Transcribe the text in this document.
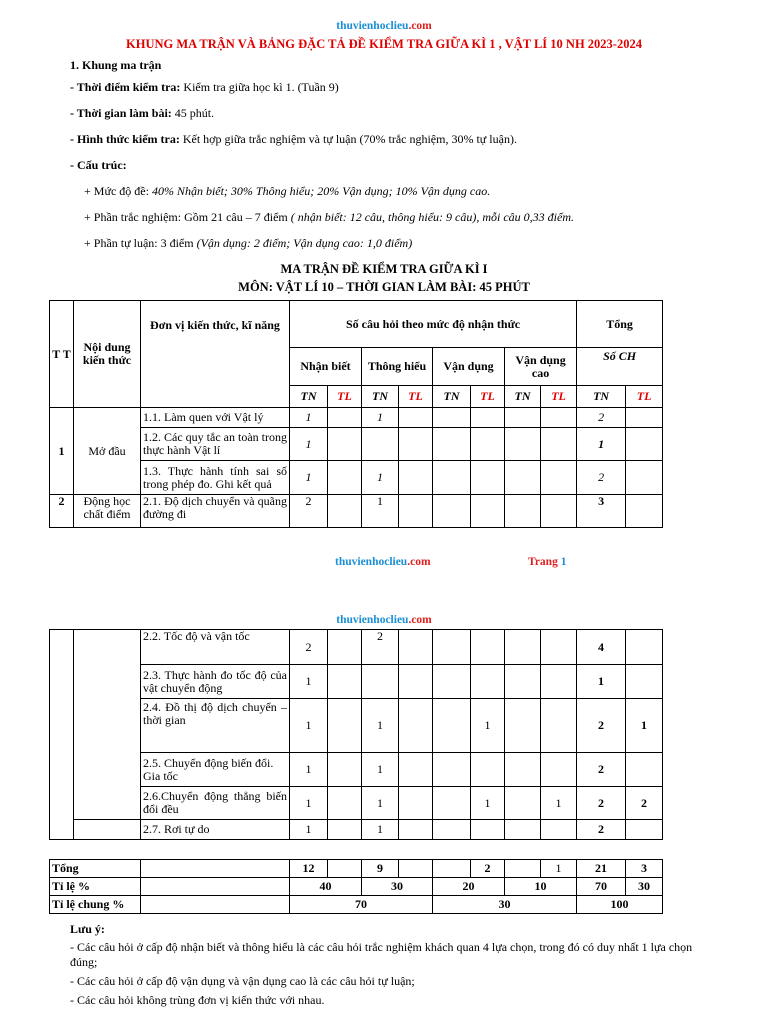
thuvienhoclieu.com
KHUNG MA TRẬN VÀ BẢNG ĐẶC TẢ ĐỀ KIỂM TRA GIỮA KÌ 1 , VẬT LÍ 10 NH 2023-2024
1. Khung ma trận
- Thời điểm kiểm tra: Kiểm tra giữa học kì 1. (Tuần 9)
- Thời gian làm bài: 45 phút.
- Hình thức kiểm tra: Kết hợp giữa trắc nghiệm và tự luận (70% trắc nghiệm, 30% tự luận).
- Cấu trúc:
+ Mức độ đề: 40% Nhận biết; 30% Thông hiểu; 20% Vận dụng; 10% Vận dụng cao.
+ Phần trắc nghiệm: Gồm 21 câu – 7 điểm ( nhận biết: 12 câu, thông hiểu: 9 câu), mỗi câu 0,33 điểm.
+ Phần tự luận: 3 điểm (Vận dụng: 2 điểm; Vận dụng cao: 1,0 điểm)
MA TRẬN ĐỀ KIỂM TRA GIỮA KÌ I
MÔN: VẬT LÍ 10 – THỜI GIAN LÀM BÀI: 45 PHÚT
T T	Nội dung kiến thức	Đơn vị kiến thức, kĩ năng	Số câu hỏi theo mức độ nhận thức								Tổng	
			Nhận biết		Thông hiểu		Vận dụng		Vận dụng cao		Số CH	
			TN	TL	TN	TL	TN	TL	TN	TL	TN	TL
1	Mở đầu	1.1. Làm quen với Vật lý	1		1						2	
		1.2. Các quy tắc an toàn trong thực hành Vật lí	1								1	
		1.3. Thực hành tính sai số trong phép đo. Ghi kết quả	1		1						2	
2	Động học chất điểm	2.1. Độ dịch chuyển và quãng đường đi	2		1						3	
thuvienhoclieu.com	Trang 1
thuvienhoclieu.com
		2.2. Tốc độ và vận tốc	2		2						4	
		2.3. Thực hành đo tốc độ của vật chuyển động	1								1	
		2.4. Đồ thị độ dịch chuyển – thời gian	1		1			1			2	1
		2.5. Chuyển động biến đổi. Gia tốc	1		1						2	
		2.6.Chuyển động thẳng biến đổi đều	1		1			1		1	2	2
		2.7. Rơi tự do	1		1						2	

Tổng			12		9			2		1	21	3
Tỉ lệ %			40		30		20		10		70	30
Tỉ lệ chung %			70				30				100	
Lưu ý:
- Các câu hỏi ở cấp độ nhận biết và thông hiểu là các câu hỏi trắc nghiệm khách quan 4 lựa chọn, trong đó có duy nhất 1 lựa chọn đúng;
- Các câu hỏi ở cấp độ vận dụng và vận dụng cao là các câu hỏi tự luận;
- Các câu hỏi không trùng đơn vị kiến thức với nhau.
